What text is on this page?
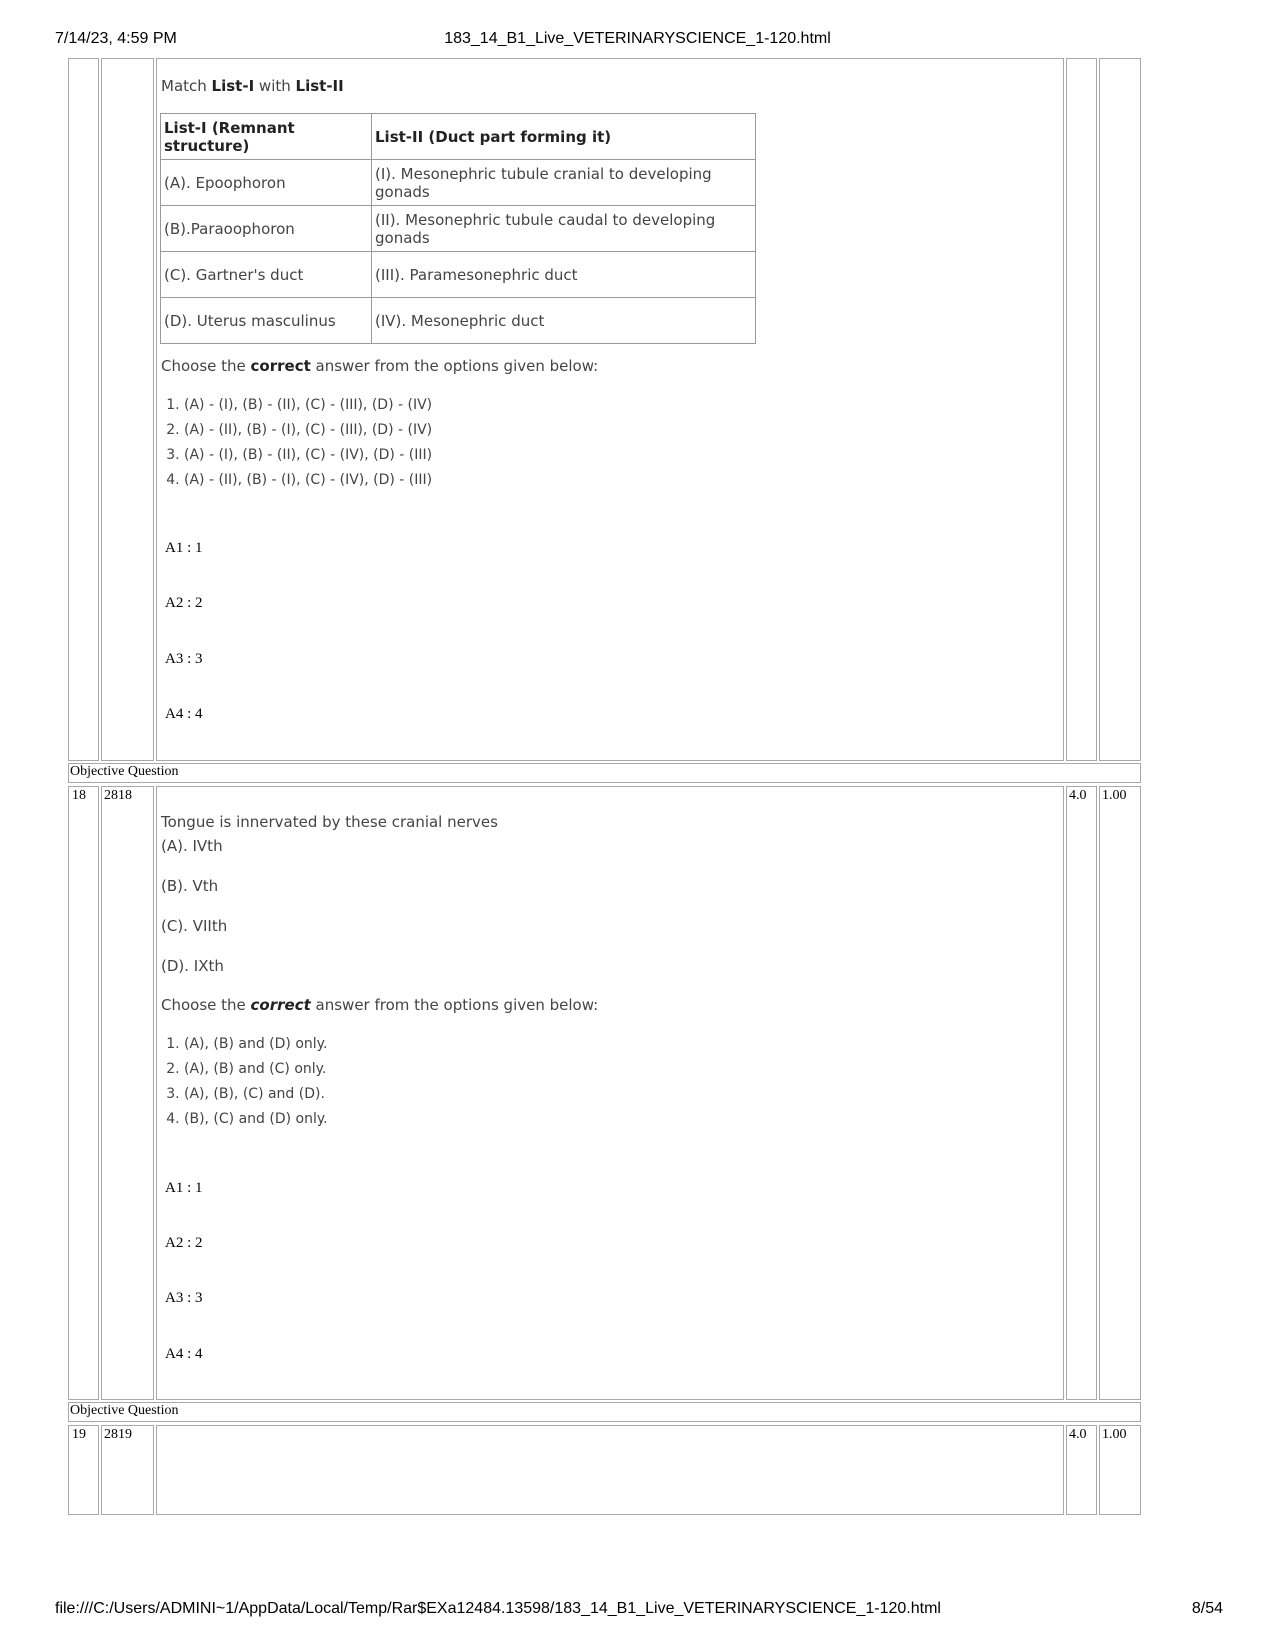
7/14/23, 4:59 PM	183_14_B1_Live_VETERINARYSCIENCE_1-120.html

Match List-I with List-II

List-I (Remnant structure)	List-II (Duct part forming it)
(A). Epoophoron	(I). Mesonephric tubule cranial to developing gonads
(B).Paraoophoron	(II). Mesonephric tubule caudal to developing gonads
(C). Gartner's duct	(III). Paramesonephric duct
(D). Uterus masculinus	(IV). Mesonephric duct

Choose the correct answer from the options given below:

1. (A) - (I), (B) - (II), (C) - (III), (D) - (IV)
2. (A) - (II), (B) - (I), (C) - (III), (D) - (IV)
3. (A) - (I), (B) - (II), (C) - (IV), (D) - (III)
4. (A) - (II), (B) - (I), (C) - (IV), (D) - (III)
A1 : 1
A2 : 2
A3 : 3
A4 : 4
Objective Question
18 2818	4.0 1.00
Tongue is innervated by these cranial nerves
(A). IVth
(B). Vth
(C). VIIth
(D). IXth

Choose the correct answer from the options given below:

1. (A), (B) and (D) only.
2. (A), (B) and (C) only.
3. (A), (B), (C) and (D).
4. (B), (C) and (D) only.
A1 : 1
A2 : 2
A3 : 3
A4 : 4
Objective Question
19 2819	4.0 1.00
file:///C:/Users/ADMINI~1/AppData/Local/Temp/Rar$EXa12484.13598/183_14_B1_Live_VETERINARYSCIENCE_1-120.html	8/54
